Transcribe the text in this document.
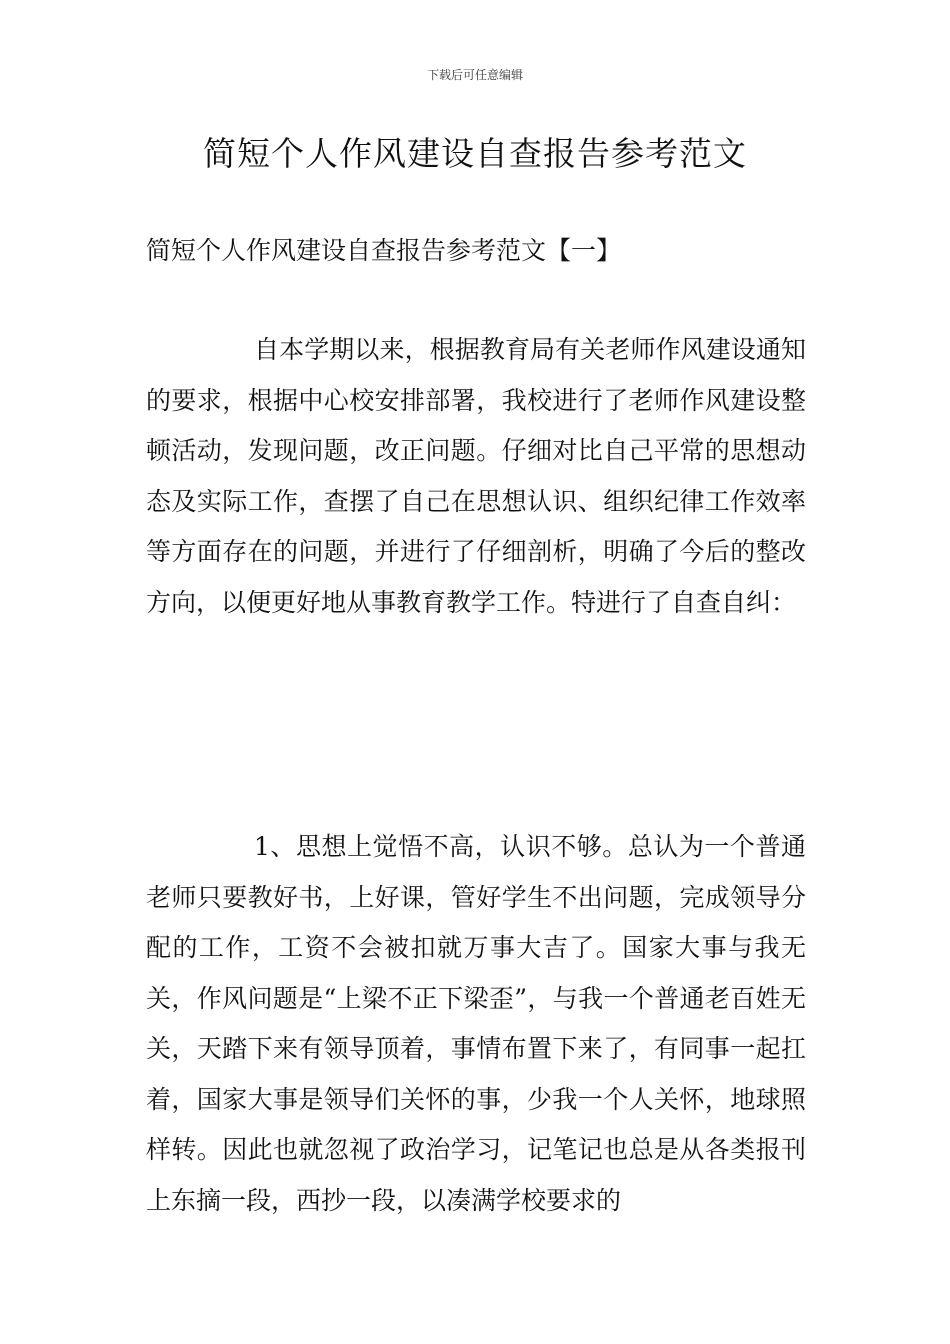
下载后可任意编辑
简短个人作风建设自查报告参考范文
简短个人作风建设自查报告参考范文【一】

自本学期以来，根据教育局有关老师作风建设通知的要求，根据中心校安排部署，我校进行了老师作风建设整顿活动，发现问题，改正问题。仔细对比自己平常的思想动态及实际工作，查摆了自己在思想认识、组织纪律工作效率等方面存在的问题，并进行了仔细剖析，明确了今后的整改方向，以便更好地从事教育教学工作。特进行了自查自纠：

1、思想上觉悟不高，认识不够。总认为一个普通老师只要教好书，上好课，管好学生不出问题，完成领导分配的工作，工资不会被扣就万事大吉了。国家大事与我无关，作风问题是“上梁不正下梁歪”，与我一个普通老百姓无关，天踏下来有领导顶着，事情布置下来了，有同事一起扛着，国家大事是领导们关怀的事，少我一个人关怀，地球照样转。因此也就忽视了政治学习，记笔记也总是从各类报刊上东摘一段，西抄一段，以凑满学校要求的
